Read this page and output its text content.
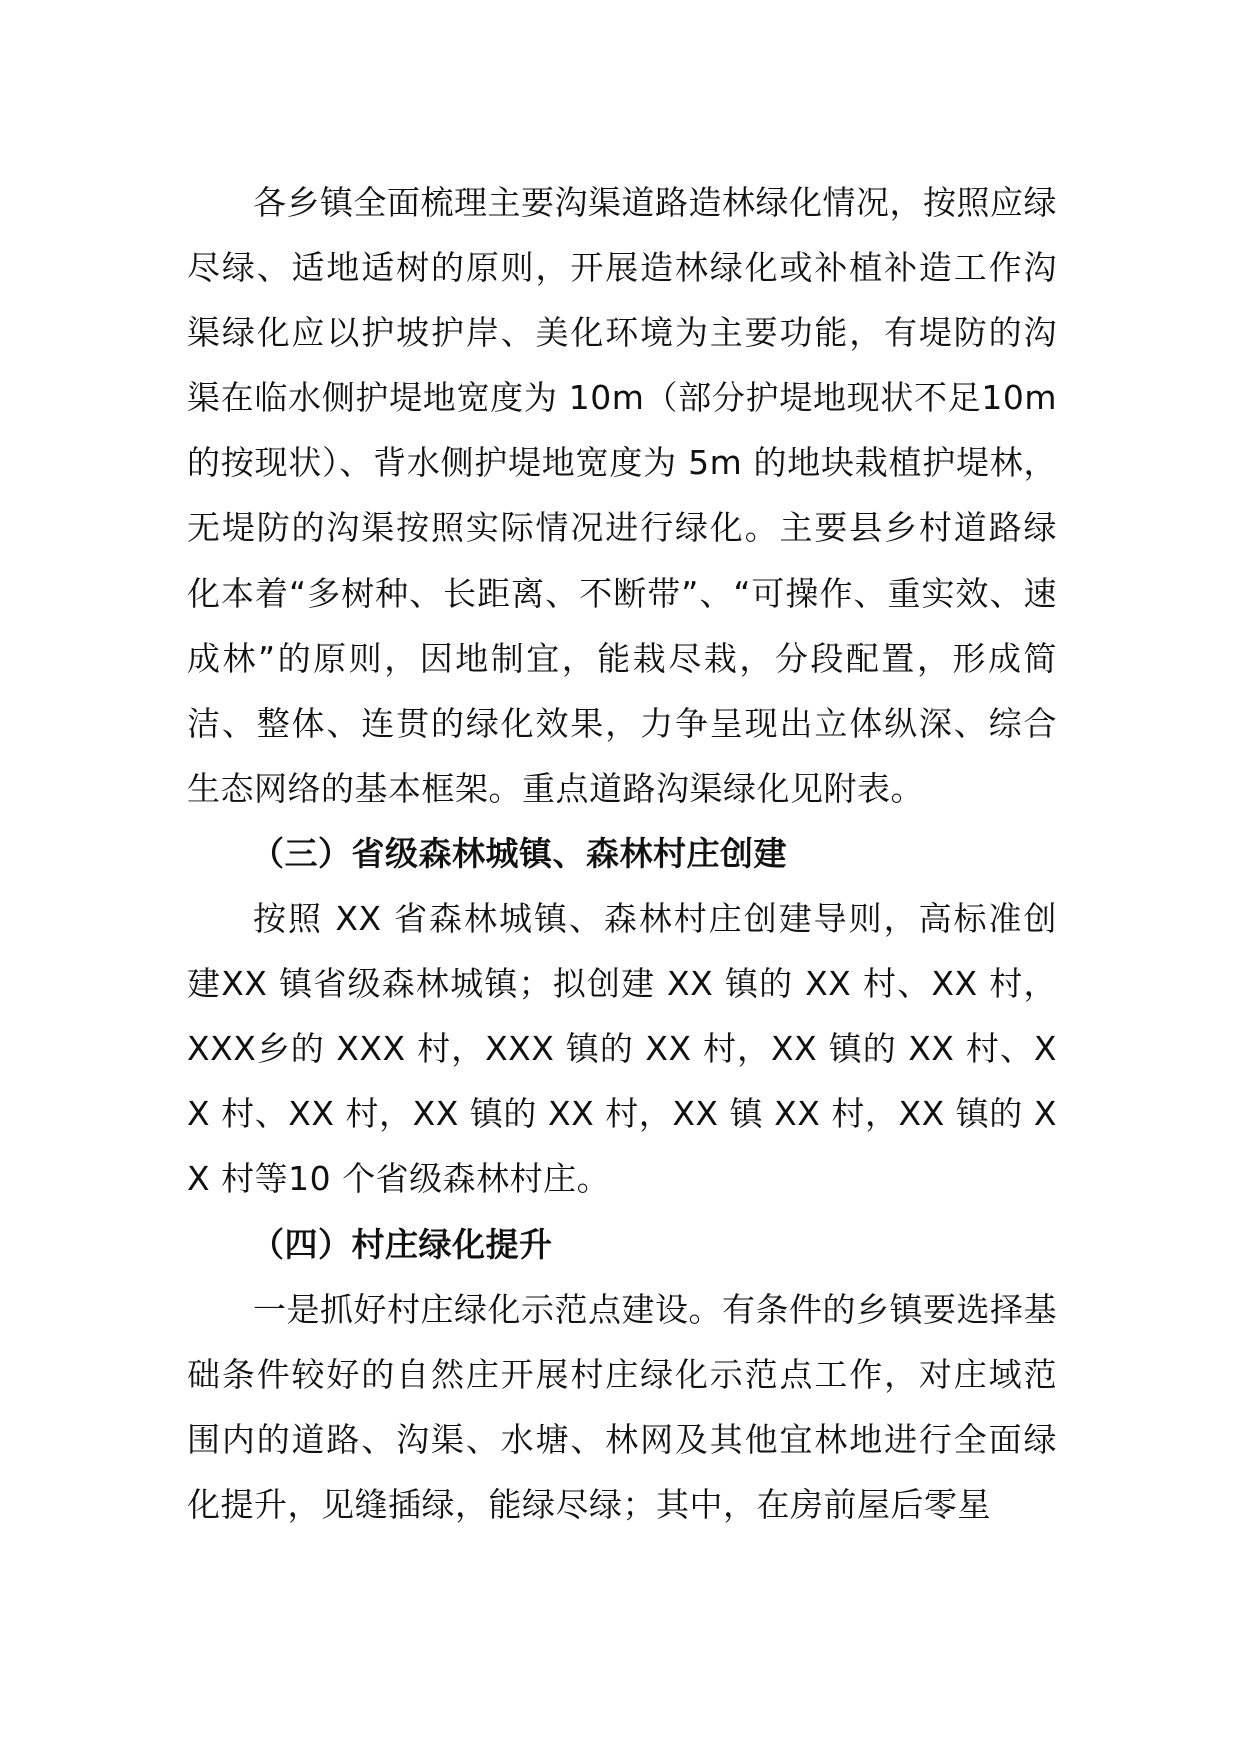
各乡镇全面梳理主要沟渠道路造林绿化情况，按照应绿尽绿、适地适树的原则，开展造林绿化或补植补造工作沟渠绿化应以护坡护岸、美化环境为主要功能，有堤防的沟渠在临水侧护堤地宽度为 10m（部分护堤地现状不足10m 的按现状）、背水侧护堤地宽度为 5m 的地块栽植护堤林，无堤防的沟渠按照实际情况进行绿化。主要县乡村道路绿化本着“多树种、长距离、不断带”、“可操作、重实效、速成林”的原则，因地制宜，能栽尽栽，分段配置，形成简洁、整体、连贯的绿化效果，力争呈现出立体纵深、综合生态网络的基本框架。重点道路沟渠绿化见附表。

（三）省级森林城镇、森林村庄创建

按照 XX 省森林城镇、森林村庄创建导则，高标准创建XX 镇省级森林城镇；拟创建 XX 镇的 XX 村、XX 村，XXX乡的 XXX 村，XXX 镇的 XX 村，XX 镇的 XX 村、XX 村、XX 村，XX 镇的 XX 村，XX 镇 XX 村，XX 镇的 XX 村等10 个省级森林村庄。

（四）村庄绿化提升

一是抓好村庄绿化示范点建设。有条件的乡镇要选择基础条件较好的自然庄开展村庄绿化示范点工作，对庄域范围内的道路、沟渠、水塘、林网及其他宜林地进行全面绿化提升，见缝插绿，能绿尽绿；其中，在房前屋后零星
